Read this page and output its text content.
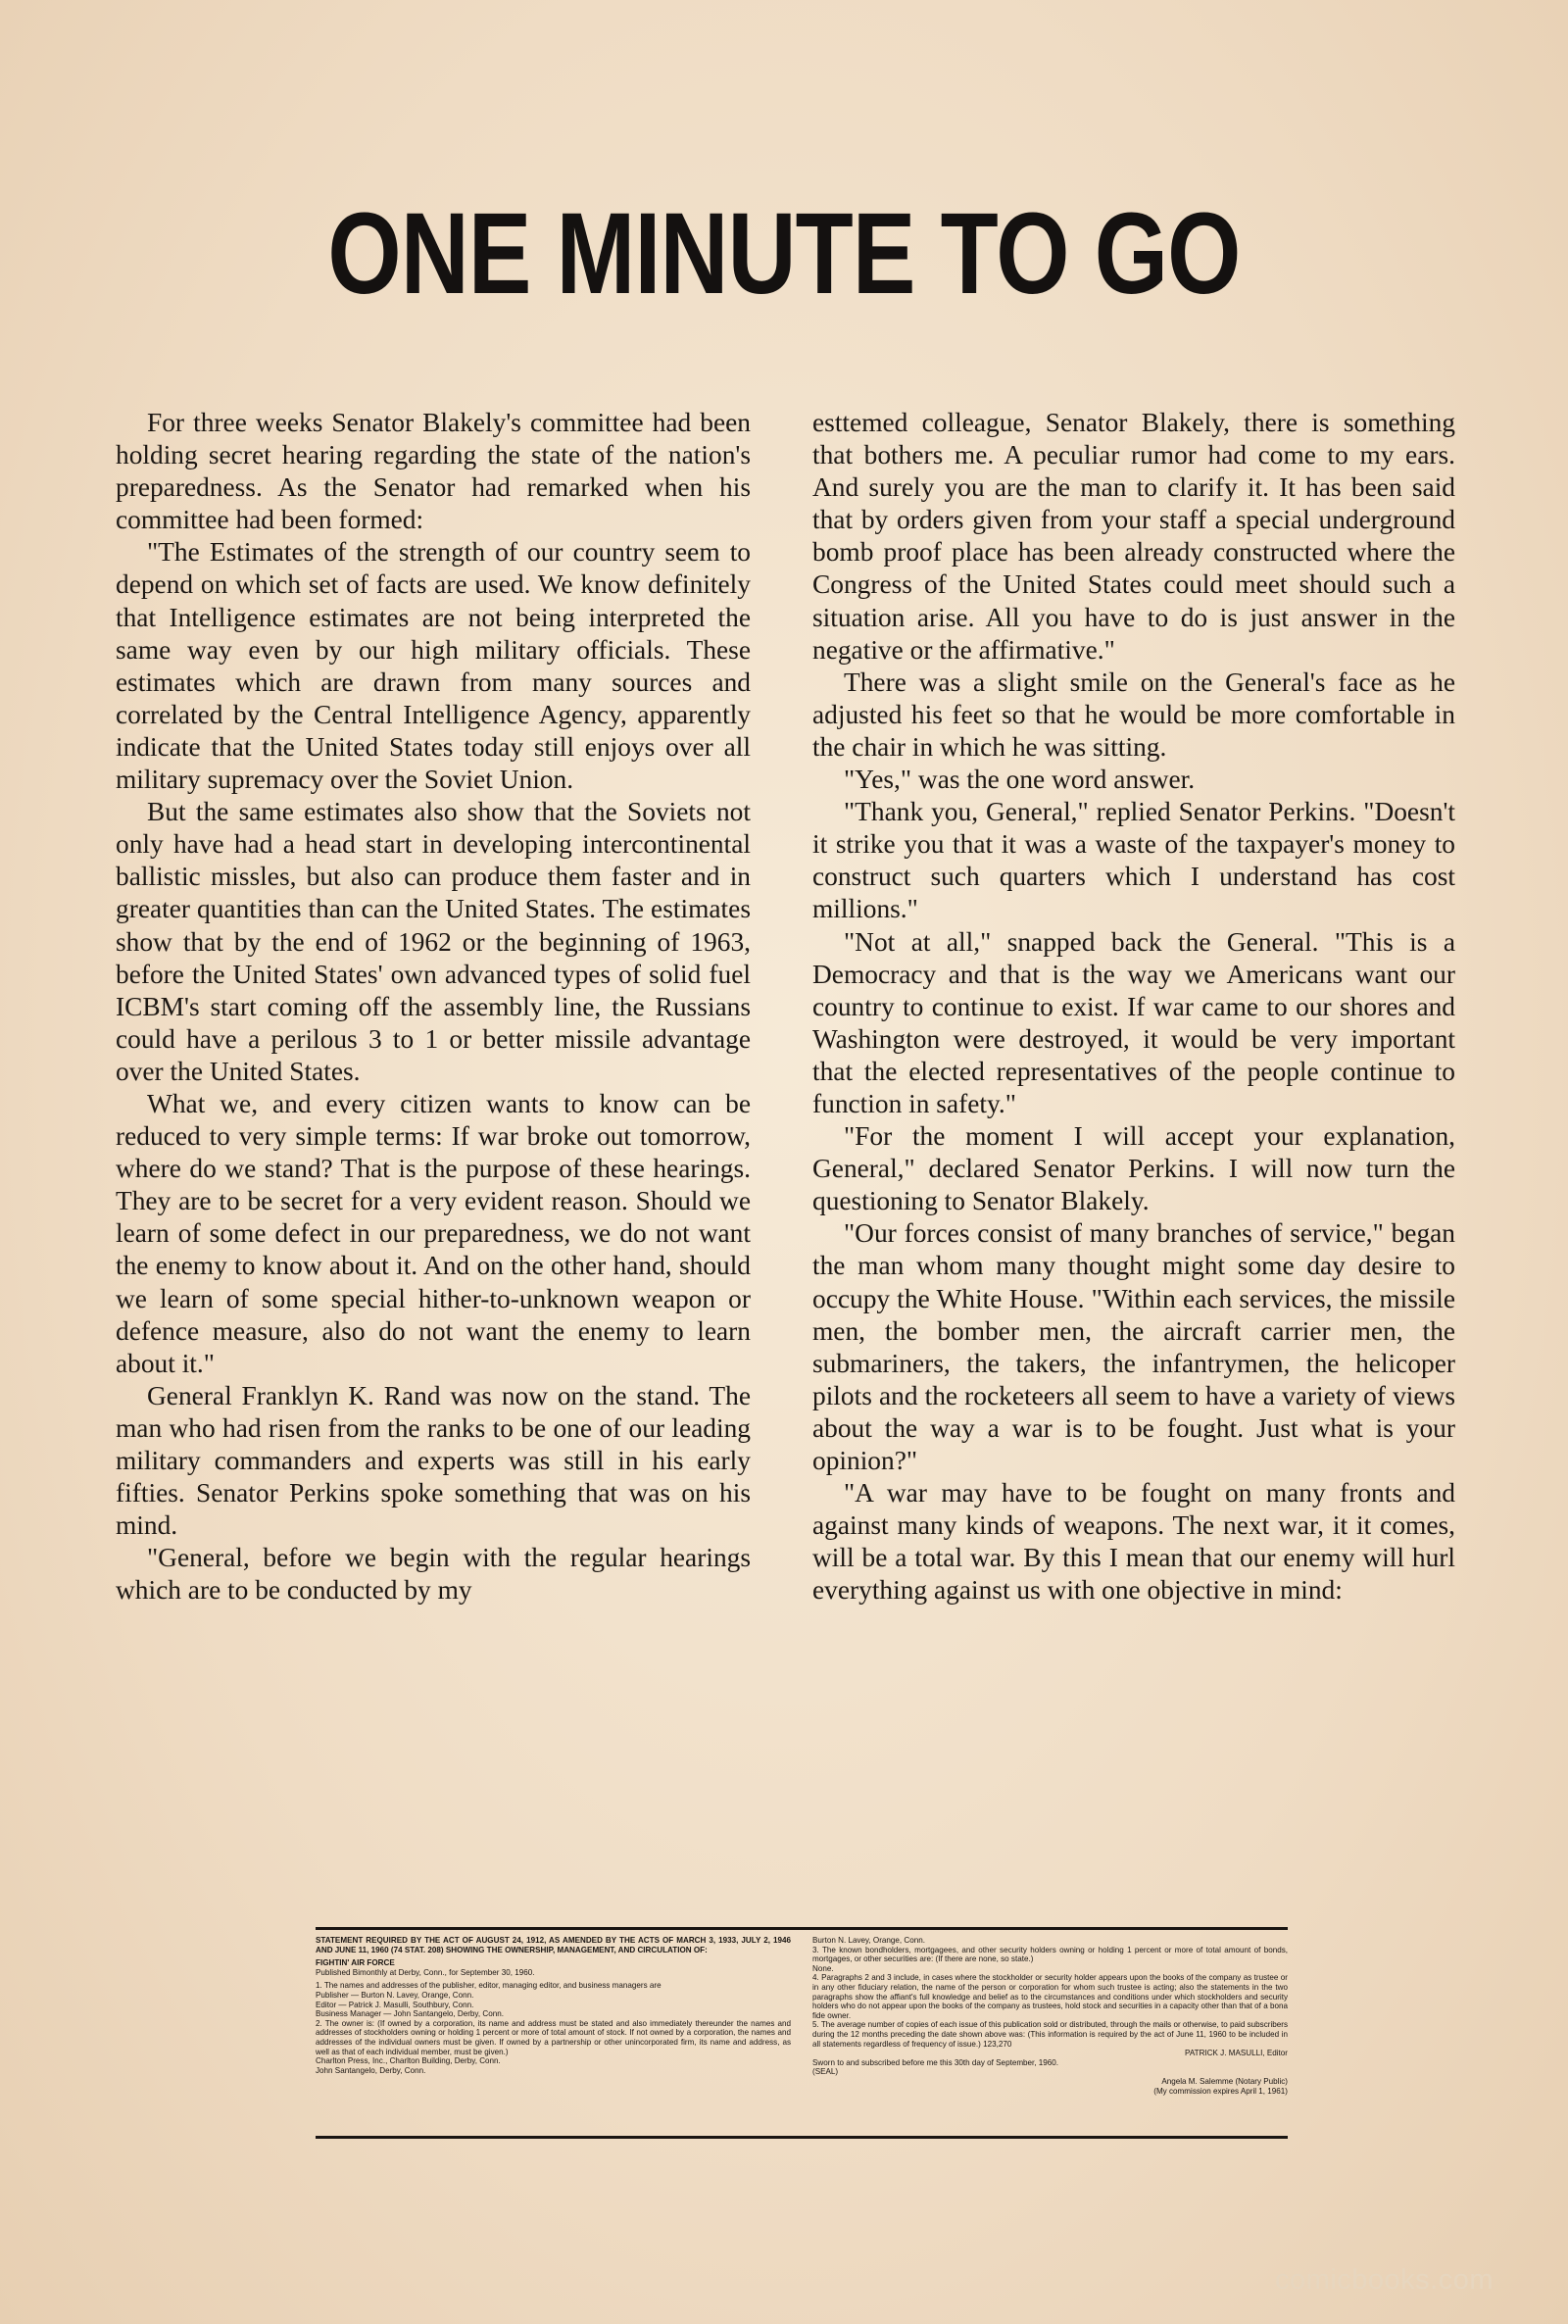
ONE MINUTE TO GO

For three weeks Senator Blakely's committee had been holding secret hearing regarding the state of the nation's preparedness. As the Senator had remarked when his committee had been formed:

"The Estimates of the strength of our country seem to depend on which set of facts are used. We know definitely that Intelligence estimates are not being interpreted the same way even by our high military officials. These estimates which are drawn from many sources and correlated by the Central Intelligence Agency, apparently indicate that the United States today still enjoys over all military supremacy over the Soviet Union.

But the same estimates also show that the Soviets not only have had a head start in developing intercontinental ballistic missles, but also can produce them faster and in greater quantities than can the United States. The estimates show that by the end of 1962 or the beginning of 1963, before the United States' own advanced types of solid fuel ICBM's start coming off the assembly line, the Russians could have a perilous 3 to 1 or better missile advantage over the United States.

What we, and every citizen wants to know can be reduced to very simple terms: If war broke out tomorrow, where do we stand? That is the purpose of these hearings. They are to be secret for a very evident reason. Should we learn of some defect in our preparedness, we do not want the enemy to know about it. And on the other hand, should we learn of some special hither-to-unknown weapon or defence measure, also do not want the enemy to learn about it."

General Franklyn K. Rand was now on the stand. The man who had risen from the ranks to be one of our leading military commanders and experts was still in his early fifties. Senator Perkins spoke something that was on his mind.

"General, before we begin with the regular hearings which are to be conducted by my

esttemed colleague, Senator Blakely, there is something that bothers me. A peculiar rumor had come to my ears. And surely you are the man to clarify it. It has been said that by orders given from your staff a special underground bomb proof place has been already constructed where the Congress of the United States could meet should such a situation arise. All you have to do is just answer in the negative or the affirmative."

There was a slight smile on the General's face as he adjusted his feet so that he would be more comfortable in the chair in which he was sitting.

"Yes," was the one word answer.

"Thank you, General," replied Senator Perkins. "Doesn't it strike you that it was a waste of the taxpayer's money to construct such quarters which I understand has cost millions."

"Not at all," snapped back the General. "This is a Democracy and that is the way we Americans want our country to continue to exist. If war came to our shores and Washington were destroyed, it would be very important that the elected representatives of the people continue to function in safety."

"For the moment I will accept your explanation, General," declared Senator Perkins. I will now turn the questioning to Senator Blakely.

"Our forces consist of many branches of service," began the man whom many thought might some day desire to occupy the White House. "Within each services, the missile men, the bomber men, the aircraft carrier men, the submariners, the takers, the infantrymen, the helicoper pilots and the rocketeers all seem to have a variety of views about the way a war is to be fought. Just what is your opinion?"

"A war may have to be fought on many fronts and against many kinds of weapons. The next war, it it comes, will be a total war. By this I mean that our enemy will hurl everything against us with one objective in mind:

STATEMENT REQUIRED BY THE ACT OF AUGUST 24, 1912, AS AMENDED BY THE ACTS OF MARCH 3, 1933, JULY 2, 1946 AND JUNE 11, 1960 (74 STAT. 208) SHOWING THE OWNERSHIP, MANAGEMENT, AND CIRCULATION OF:
FIGHTIN' AIR FORCE
Published Bimonthly at Derby, Conn., for September 30, 1960.
1. The names and addresses of the publisher, editor, managing editor, and business managers are
Publisher — Burton N. Lavey, Orange, Conn.
Editor — Patrick J. Masulli, Southbury, Conn.
Business Manager — John Santangelo, Derby, Conn.
2. The owner is: (If owned by a corporation, its name and address must be stated and also immediately thereunder the names and addresses of stockholders owning or holding 1 percent or more of total amount of stock. If not owned by a corporation, the names and addresses of the individual owners must be given. If owned by a partnership or other unincorporated firm, its name and address, as well as that of each individual member, must be given.)
Charlton Press, Inc., Charlton Building, Derby, Conn.
John Santangelo, Derby, Conn.
Burton N. Lavey, Orange, Conn.
3. The known bondholders, mortgagees, and other security holders owning or holding 1 percent or more of total amount of bonds, mortgages, or other securities are: (If there are none, so state.)
None.
4. Paragraphs 2 and 3 include, in cases where the stockholder or security holder appears upon the books of the company as trustee or in any other fiduciary relation, the name of the person or corporation for whom such trustee is acting; also the statements in the two paragraphs show the affiant's full knowledge and belief as to the circumstances and conditions under which stockholders and security holders who do not appear upon the books of the company as trustees, hold stock and securities in a capacity other than that of a bona fide owner.
5. The average number of copies of each issue of this publication sold or distributed, through the mails or otherwise, to paid subscribers during the 12 months preceding the date shown above was: (This information is required by the act of June 11, 1960 to be included in all statements regardless of frequency of issue.) 123,270
PATRICK J. MASULLI, Editor
Sworn to and subscribed before me this 30th day of September, 1960.
(SEAL)
Angela M. Salemme (Notary Public)
(My commission expires April 1, 1961)
comicbooks.com
